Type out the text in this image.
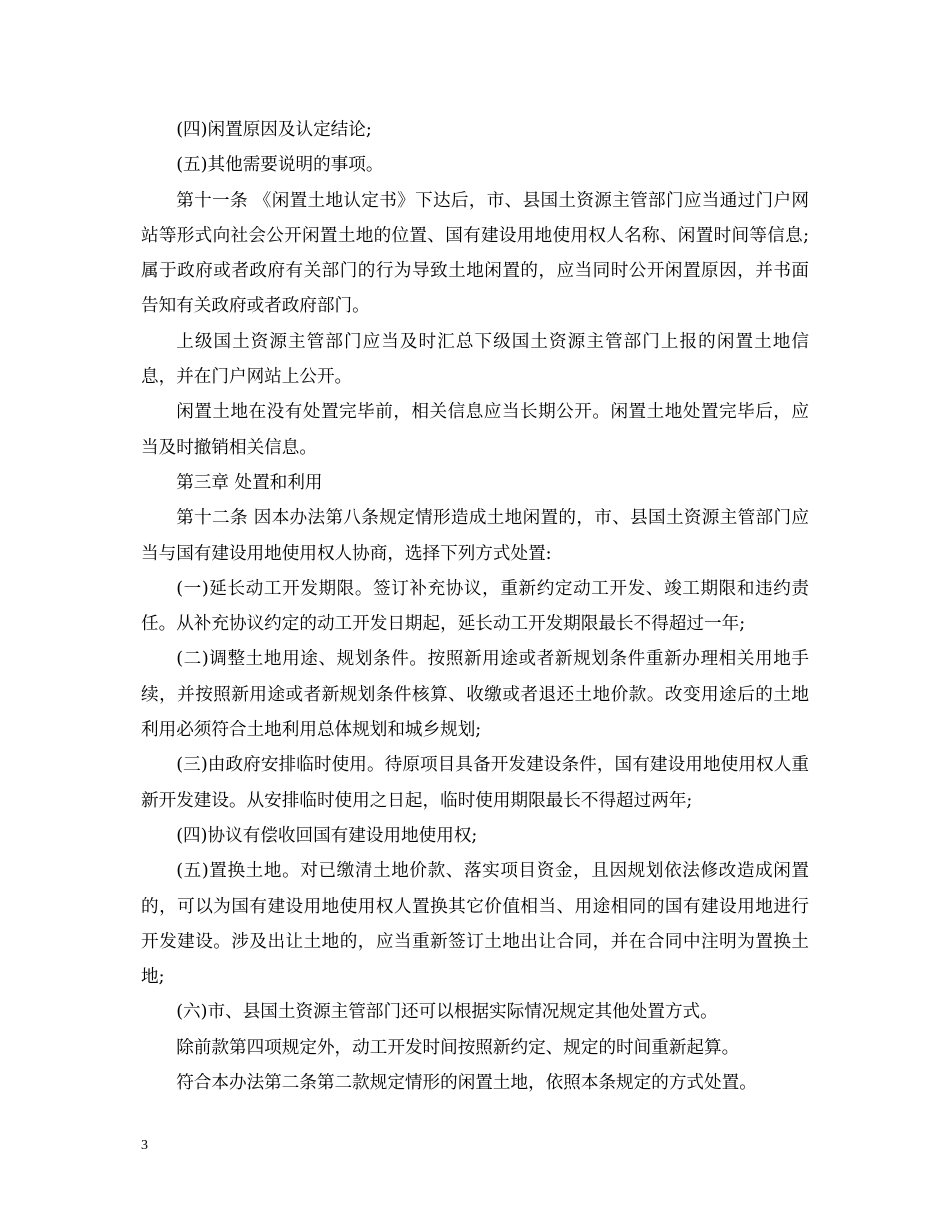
(四)闲置原因及认定结论;

(五)其他需要说明的事项。

第十一条 《闲置土地认定书》下达后，市、县国土资源主管部门应当通过门户网站等形式向社会公开闲置土地的位置、国有建设用地使用权人名称、闲置时间等信息;属于政府或者政府有关部门的行为导致土地闲置的，应当同时公开闲置原因，并书面告知有关政府或者政府部门。

上级国土资源主管部门应当及时汇总下级国土资源主管部门上报的闲置土地信息，并在门户网站上公开。

闲置土地在没有处置完毕前，相关信息应当长期公开。闲置土地处置完毕后，应当及时撤销相关信息。

第三章 处置和利用

第十二条 因本办法第八条规定情形造成土地闲置的，市、县国土资源主管部门应当与国有建设用地使用权人协商，选择下列方式处置:

(一)延长动工开发期限。签订补充协议，重新约定动工开发、竣工期限和违约责任。从补充协议约定的动工开发日期起，延长动工开发期限最长不得超过一年;

(二)调整土地用途、规划条件。按照新用途或者新规划条件重新办理相关用地手续，并按照新用途或者新规划条件核算、收缴或者退还土地价款。改变用途后的土地利用必须符合土地利用总体规划和城乡规划;

(三)由政府安排临时使用。待原项目具备开发建设条件，国有建设用地使用权人重新开发建设。从安排临时使用之日起，临时使用期限最长不得超过两年;

(四)协议有偿收回国有建设用地使用权;

(五)置换土地。对已缴清土地价款、落实项目资金，且因规划依法修改造成闲置的，可以为国有建设用地使用权人置换其它价值相当、用途相同的国有建设用地进行开发建设。涉及出让土地的，应当重新签订土地出让合同，并在合同中注明为置换土地;

(六)市、县国土资源主管部门还可以根据实际情况规定其他处置方式。

除前款第四项规定外，动工开发时间按照新约定、规定的时间重新起算。

符合本办法第二条第二款规定情形的闲置土地，依照本条规定的方式处置。

3
